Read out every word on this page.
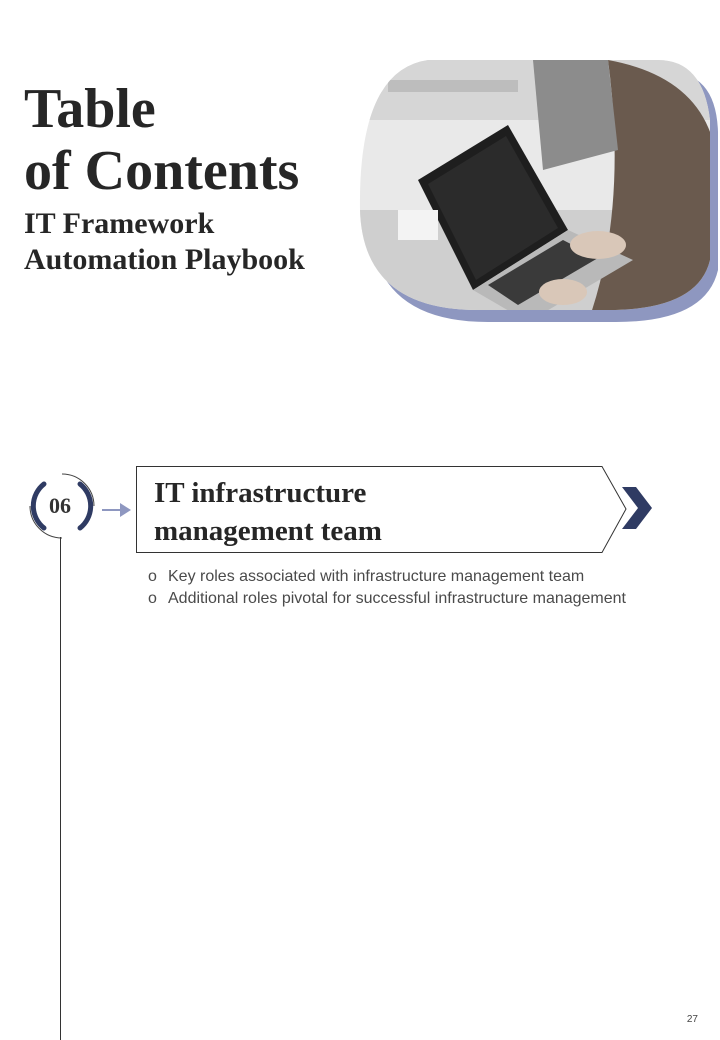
Table
of Contents

IT Framework
Automation Playbook

06	IT infrastructure
management team
o Key roles associated with infrastructure management team
o Additional roles pivotal for successful infrastructure management
27
